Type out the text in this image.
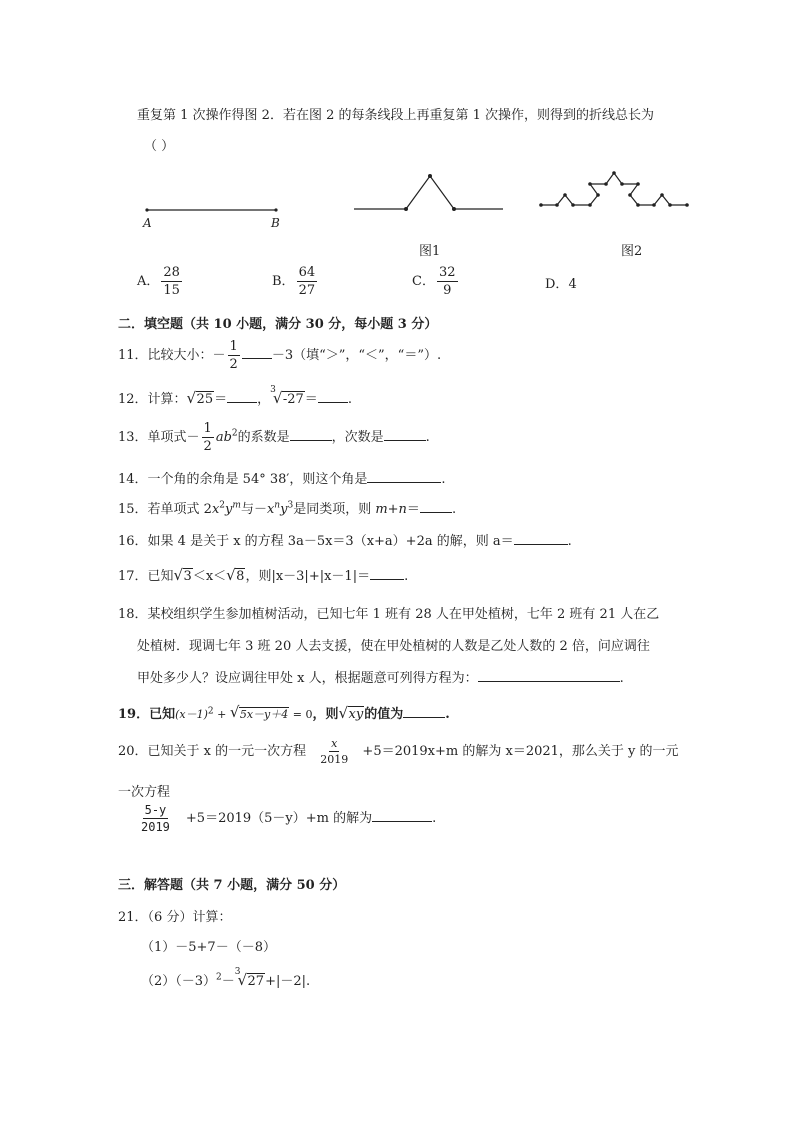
重复第 1 次操作得图 2．若在图 2 的每条线段上再重复第 1 次操作，则得到的折线总长为
（ ）
A	B
图1	图2
A． $\frac{28}{15}$	B． $\frac{64}{27}$	C． $\frac{32}{9}$	D．4
二．填空题（共 10 小题，满分 30 分，每小题 3 分）
11．比较大小：－ $\frac{1}{2} -3$（填“＞”，“＜”，“＝”）.
12．计算： √ 25＝ ，$^3$√ -27＝ .
13．单项式－ $\frac{1}{2} ab^2$的系数是	，次数是	.
14．一个角的余角是 54° 38′，则这个角是	.
15．若单项式 $2x^2y^m$与$-x^ny^3$是同类项，则 m+n＝ .
16．如果 4 是关于 x 的方程 3a－5x＝3（x+a）+2a 的解，则 a＝	.
17．已知 √ 3＜x＜ √ 8，则|x－3|+|x－1|＝	.
18．某校组织学生参加植树活动，已知七年 1 班有 28 人在甲处植树，七年 2 班有 21 人在乙
处植树．现调七年 3 班 20 人去支援，使在甲处植树的人数是乙处人数的 2 倍，问应调往
甲处多少人？设应调往甲处 x 人，根据题意可列得方程为：	.
19．已知$(x-1)^2$ + √ 5x－y＋4 = 0，则 √ xy的值为	.
20．已知关于 x 的一元一次方程 $\frac{x}{2019} +5=2019x+m$ 的解为 x＝2021，那么关于 y 的一元
一次方程
$\frac{5-y}{2019} +5=2019(5-y)+m$ 的解为	.
三．解答题（共 7 小题，满分 50 分）
21．（6 分）计算：
（1）－5+7－（－8）
$(2)(-3)^2-^3√$ 27+|－2|.
